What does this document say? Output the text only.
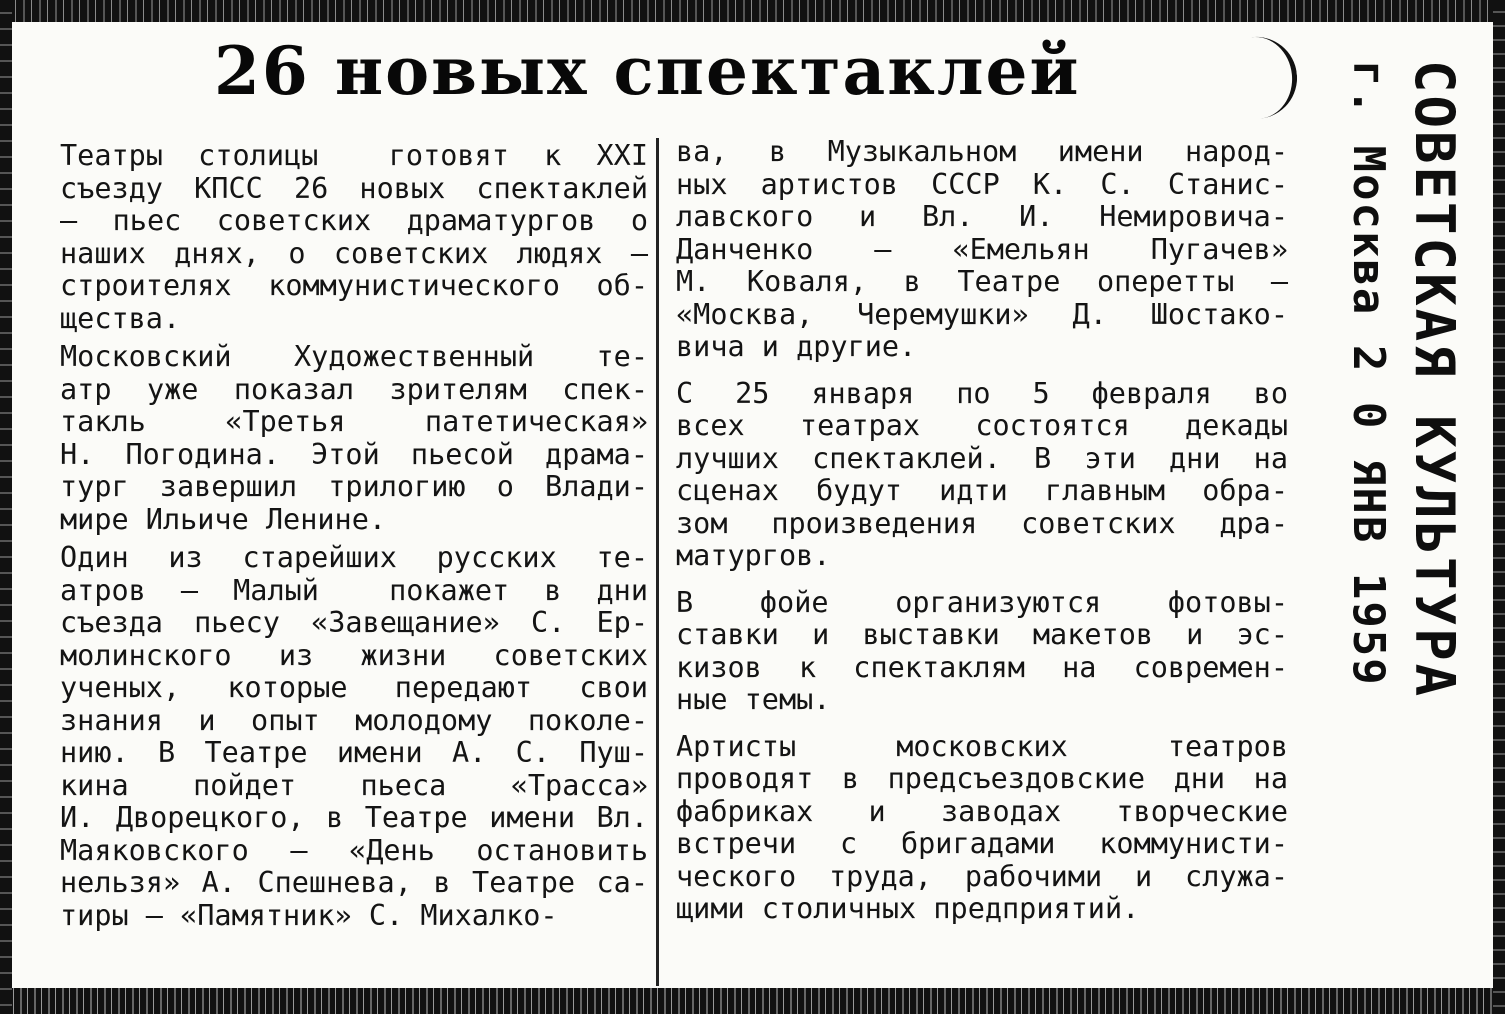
26 новых спектаклей

Театры столицы  готовят к XXI
съезду КПСС 26 новых спектаклей
— пьес советских драматургов о
наших днях, о советских людях —
строителях коммунистического об-
щества.

Московский Художественный те-
атр уже показал зрителям спек-
такль «Третья патетическая»
Н. Погодина. Этой пьесой драма-
тург завершил трилогию о Влади-
мире Ильиче Ленине.

Один из старейших русских те-
атров — Малый  покажет в дни
съезда пьесу «Завещание» С. Ер-
молинского из жизни советских
ученых, которые передают свои
знания и опыт молодому поколе-
нию. В Театре имени А. С. Пуш-
кина пойдет пьеса «Трасса»
И. Дворецкого, в Театре имени Вл.
Маяковского — «День остановить
нельзя» А. Спешнева, в Театре са-
тиры — «Памятник» С. Михалко-

ва, в Музыкальном имени народ-
ных артистов СССР К. С. Станис-
лавского и Вл. И. Немировича-
Данченко — «Емельян Пугачев»
М. Коваля, в Театре оперетты —
«Москва, Черемушки» Д. Шостако-
вича и другие.

С 25 января по 5 февраля во
всех театрах состоятся декады
лучших спектаклей. В эти дни на
сценах будут идти главным обра-
зом произведения советских дра-
матургов.

В фойе организуются фотовы-
ставки и выставки макетов и эс-
кизов к спектаклям на современ-
ные темы.

Артисты московских театров
проводят в предсъездовские дни на
фабриках и заводах творческие
встречи с бригадами коммунисти-
ческого труда, рабочими и служа-
щими столичных предприятий.

СОВЕТСКАЯ КУЛЬТУРА
г. Москва 2 0 ЯНВ 1959
